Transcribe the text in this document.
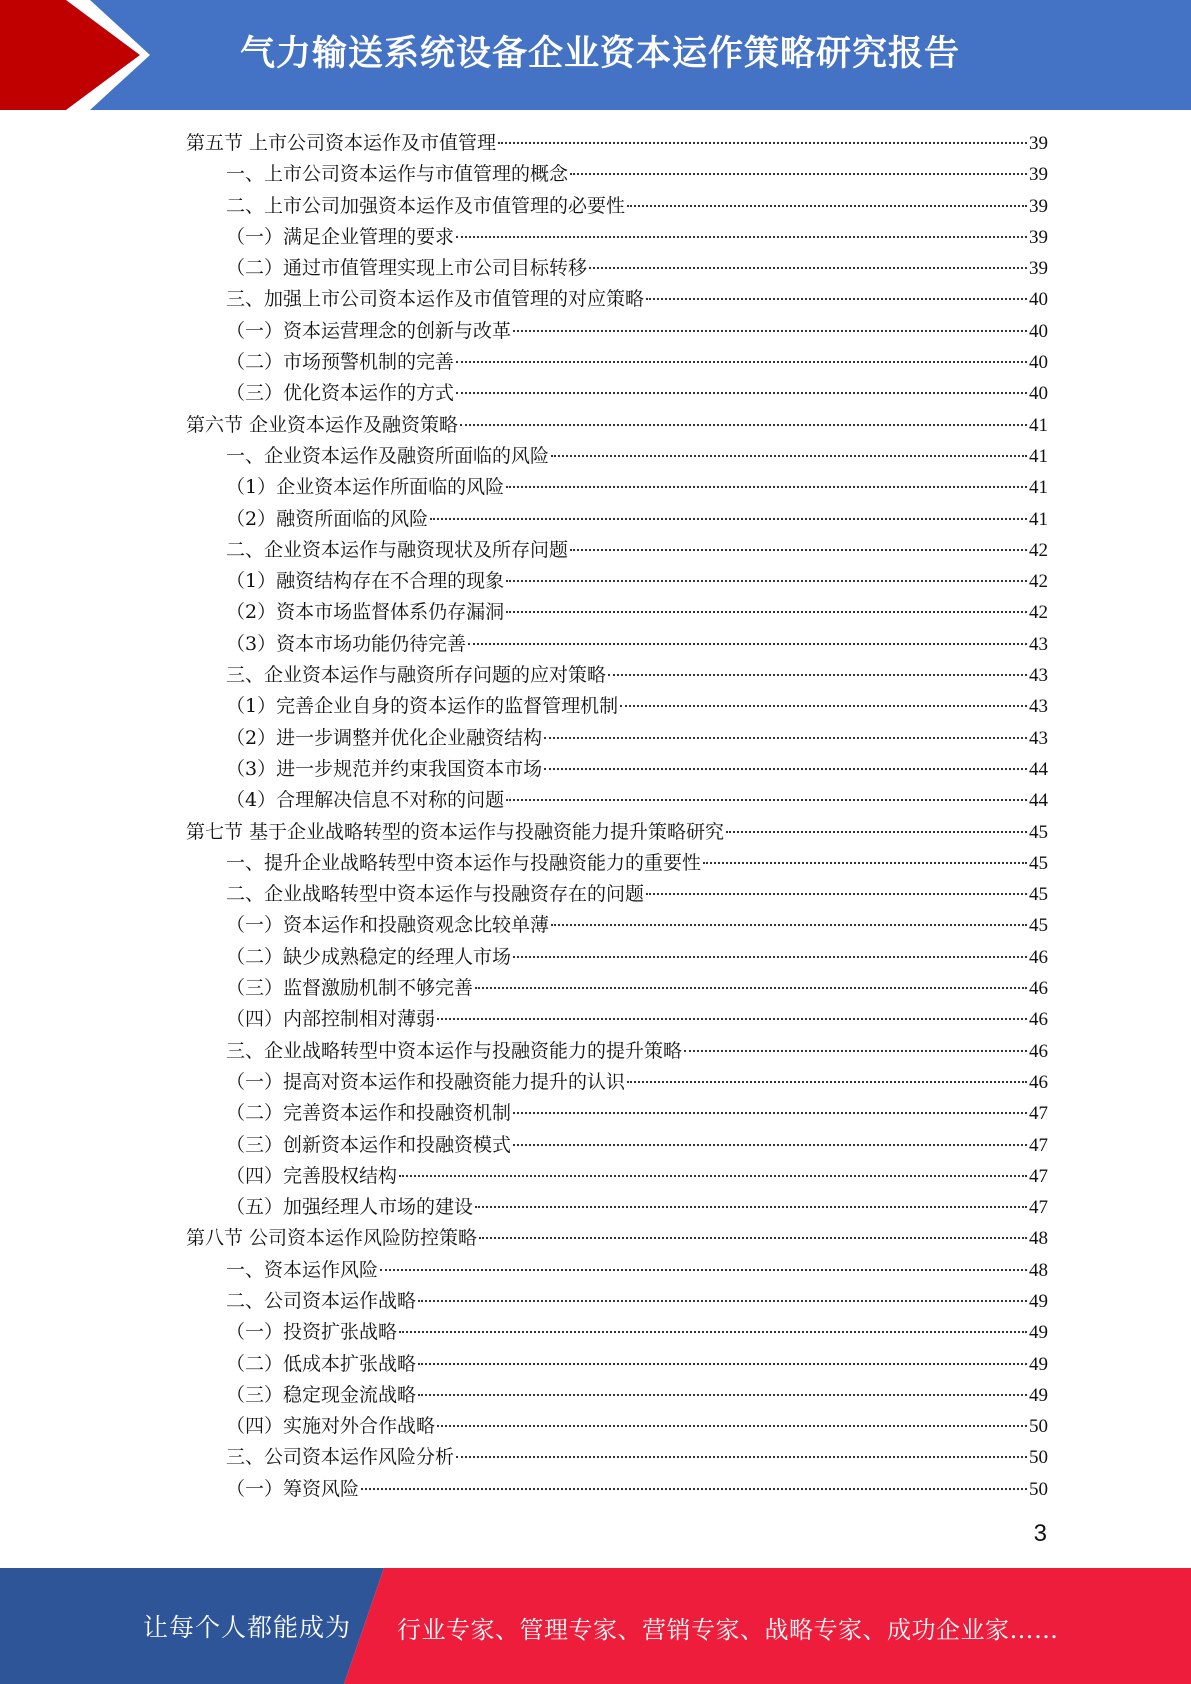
气力输送系统设备企业资本运作策略研究报告
第五节 上市公司资本运作及市值管理	39
一、上市公司资本运作与市值管理的概念	39
二、上市公司加强资本运作及市值管理的必要性	39
（一）满足企业管理的要求	39
（二）通过市值管理实现上市公司目标转移	39
三、加强上市公司资本运作及市值管理的对应策略	40
（一）资本运营理念的创新与改革	40
（二）市场预警机制的完善	40
（三）优化资本运作的方式	40
第六节 企业资本运作及融资策略	41
一、企业资本运作及融资所面临的风险	41
（1）企业资本运作所面临的风险	41
（2）融资所面临的风险	41
二、企业资本运作与融资现状及所存问题	42
（1）融资结构存在不合理的现象	42
（2）资本市场监督体系仍存漏洞	42
（3）资本市场功能仍待完善	43
三、企业资本运作与融资所存问题的应对策略	43
（1）完善企业自身的资本运作的监督管理机制	43
（2）进一步调整并优化企业融资结构	43
（3）进一步规范并约束我国资本市场	44
（4）合理解决信息不对称的问题	44
第七节 基于企业战略转型的资本运作与投融资能力提升策略研究	45
一、提升企业战略转型中资本运作与投融资能力的重要性	45
二、企业战略转型中资本运作与投融资存在的问题	45
（一）资本运作和投融资观念比较单薄	45
（二）缺少成熟稳定的经理人市场	46
（三）监督激励机制不够完善	46
（四）内部控制相对薄弱	46
三、企业战略转型中资本运作与投融资能力的提升策略	46
（一）提高对资本运作和投融资能力提升的认识	46
（二）完善资本运作和投融资机制	47
（三）创新资本运作和投融资模式	47
（四）完善股权结构	47
（五）加强经理人市场的建设	47
第八节 公司资本运作风险防控策略	48
一、资本运作风险	48
二、公司资本运作战略	49
（一）投资扩张战略	49
（二）低成本扩张战略	49
（三）稳定现金流战略	49
（四）实施对外合作战略	50
三、公司资本运作风险分析	50
（一）筹资风险	50
3
让每个人都能成为 行业专家、管理专家、营销专家、战略专家、成功企业家……
